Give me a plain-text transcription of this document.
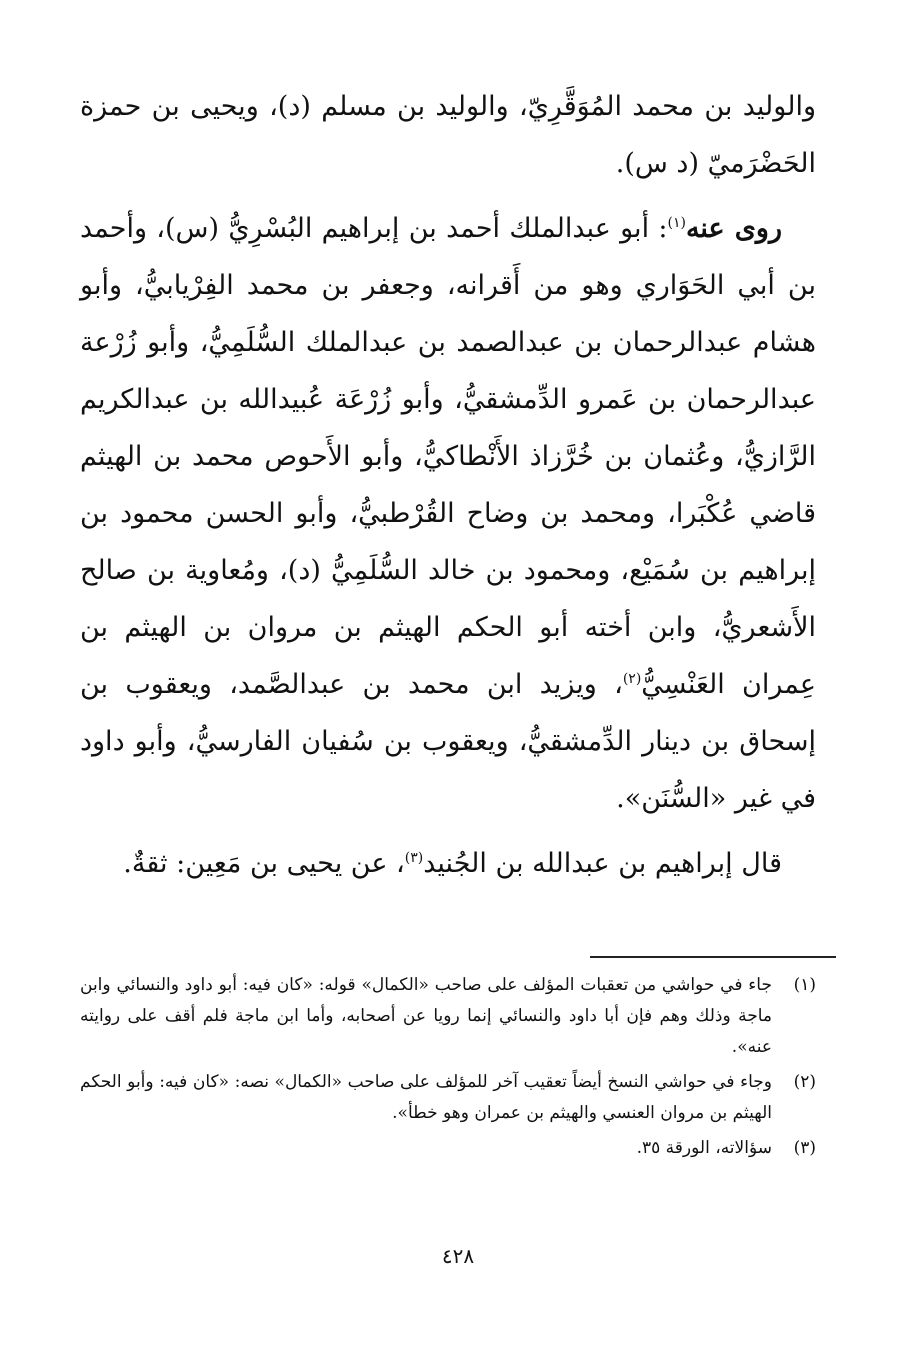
والوليد بن محمد المُوَقَّرِيّ، والوليد بن مسلم (د)، ويحيى بن حمزة الحَضْرَميّ (د س).

روى عنه$^{(١)}$: أبو عبدالملك أحمد بن إبراهيم البُسْرِيُّ (س)، وأحمد بن أبي الحَوَاري وهو من أَقرانه، وجعفر بن محمد الفِرْيابيُّ، وأبو هشام عبدالرحمان بن عبدالصمد بن عبدالملك السُّلَمِيُّ، وأبو زُرْعة عبدالرحمان بن عَمرو الدِّمشقيُّ، وأبو زُرْعَة عُبيدالله بن عبدالكريم الرَّازيُّ، وعُثمان بن خُرَّزاذ الأَنْطاكيُّ، وأبو الأَحوص محمد بن الهيثم قاضي عُكْبَرا، ومحمد بن وضاح القُرْطبيُّ، وأبو الحسن محمود بن إبراهيم بن سُمَيْع، ومحمود بن خالد السُّلَمِيُّ (د)، ومُعاوية بن صالح الأَشعريُّ، وابن أخته أبو الحكم الهيثم بن مروان بن الهيثم بن عِمران العَنْسِيُّ$^{(٢)}$، ويزيد ابن محمد بن عبدالصَّمد، ويعقوب بن إسحاق بن دينار الدِّمشقيُّ، ويعقوب بن سُفيان الفارسيُّ، وأبو داود في غير «السُّنَن».

قال إبراهيم بن عبدالله بن الجُنيد$^{(٣)}$، عن يحيى بن مَعِين: ثقةٌ.

(١)
جاء في حواشي من تعقبات المؤلف على صاحب «الكمال» قوله: «كان فيه: أبو داود والنسائي وابن ماجة وذلك وهم فإن أبا داود والنسائي إنما رويا عن أصحابه، وأما ابن ماجة فلم أقف على روايته عنه».
(٢)
وجاء في حواشي النسخ أيضاً تعقيب آخر للمؤلف على صاحب «الكمال» نصه: «كان فيه: وأبو الحكم الهيثم بن مروان العنسي والهيثم بن عمران وهو خطأ».
(٣)
سؤالاته، الورقة ٣٥.
٤٢٨
